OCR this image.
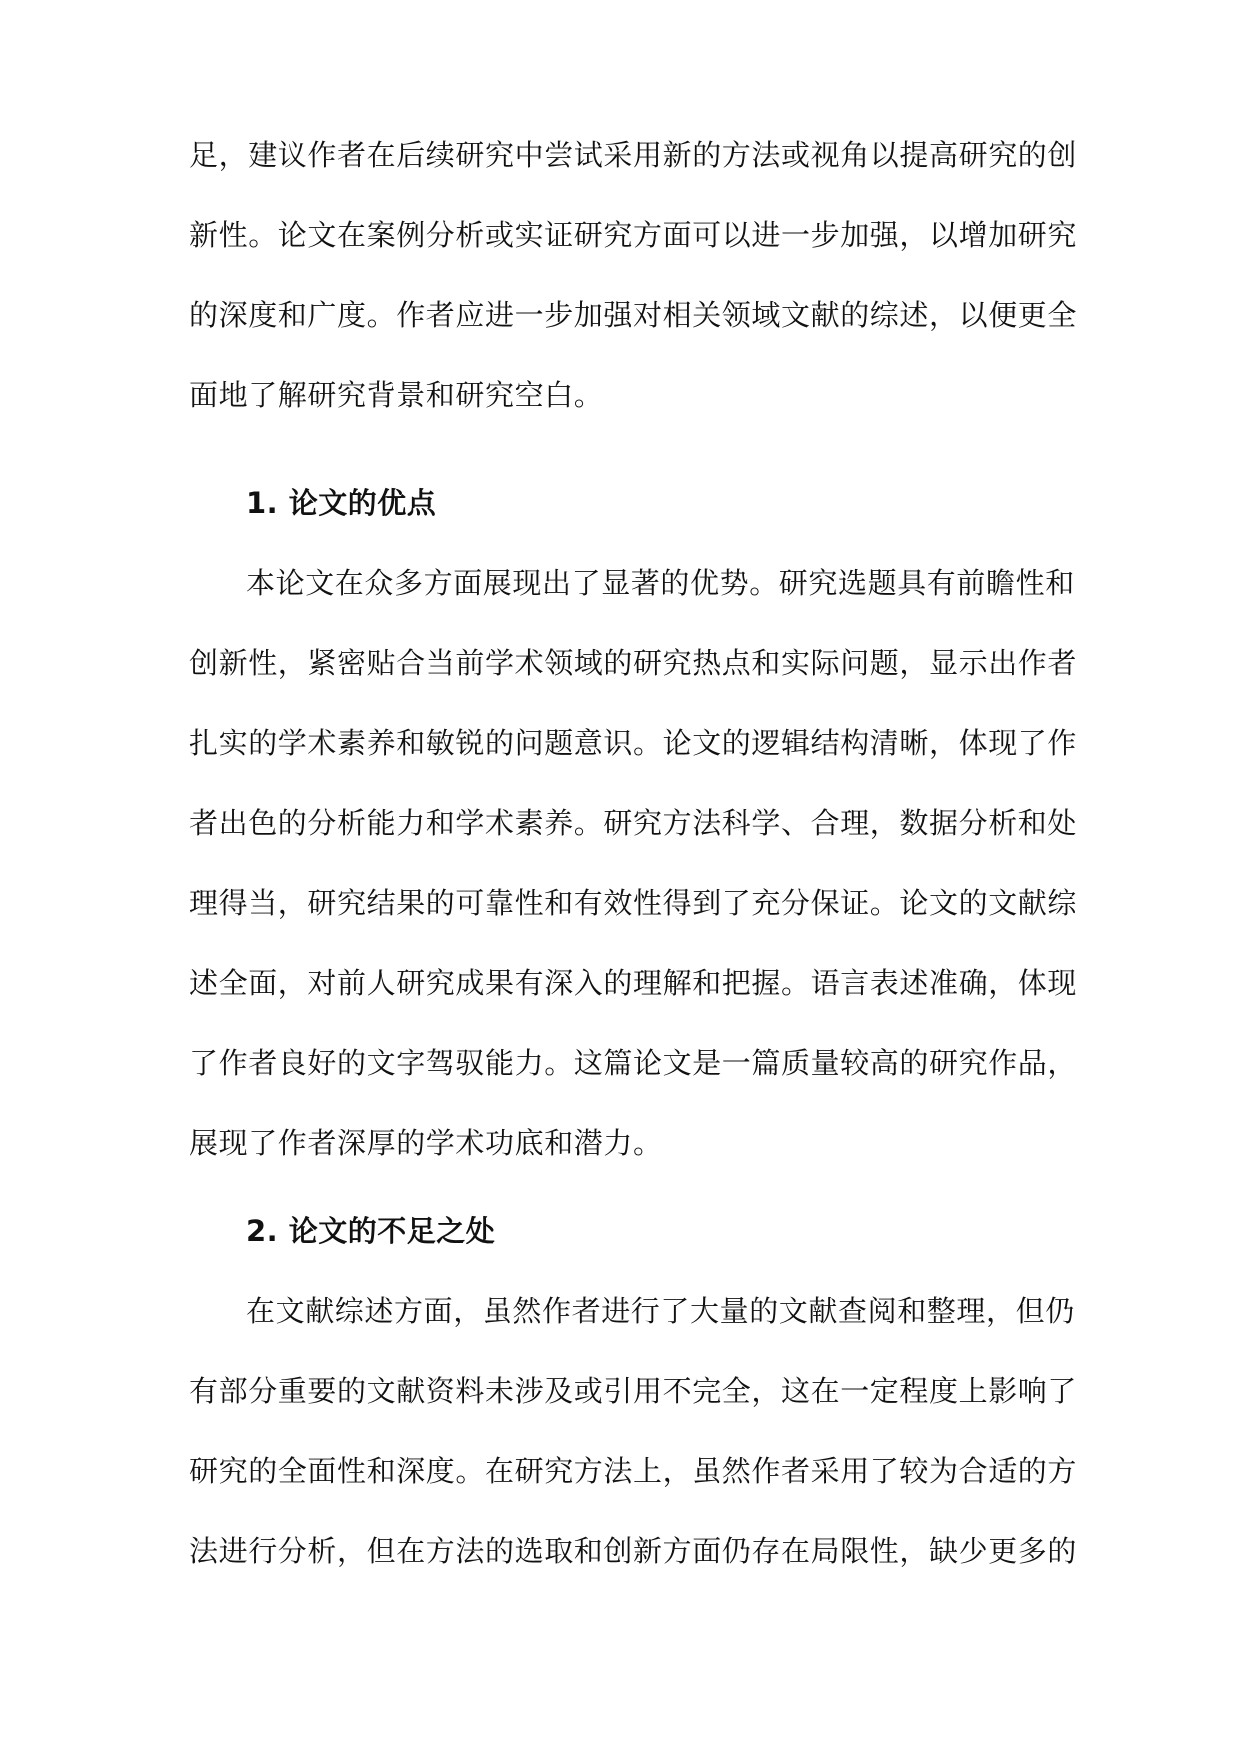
足，建议作者在后续研究中尝试采用新的方法或视角以提高研究的创
新性。论文在案例分析或实证研究方面可以进一步加强，以增加研究
的深度和广度。作者应进一步加强对相关领域文献的综述，以便更全
面地了解研究背景和研究空白。
1. 论文的优点
本论文在众多方面展现出了显著的优势。研究选题具有前瞻性和
创新性，紧密贴合当前学术领域的研究热点和实际问题，显示出作者
扎实的学术素养和敏锐的问题意识。论文的逻辑结构清晰，体现了作
者出色的分析能力和学术素养。研究方法科学、合理，数据分析和处
理得当，研究结果的可靠性和有效性得到了充分保证。论文的文献综
述全面，对前人研究成果有深入的理解和把握。语言表述准确，体现
了作者良好的文字驾驭能力。这篇论文是一篇质量较高的研究作品，
展现了作者深厚的学术功底和潜力。
2. 论文的不足之处
在文献综述方面，虽然作者进行了大量的文献查阅和整理，但仍
有部分重要的文献资料未涉及或引用不完全，这在一定程度上影响了
研究的全面性和深度。在研究方法上，虽然作者采用了较为合适的方
法进行分析，但在方法的选取和创新方面仍存在局限性，缺少更多的
